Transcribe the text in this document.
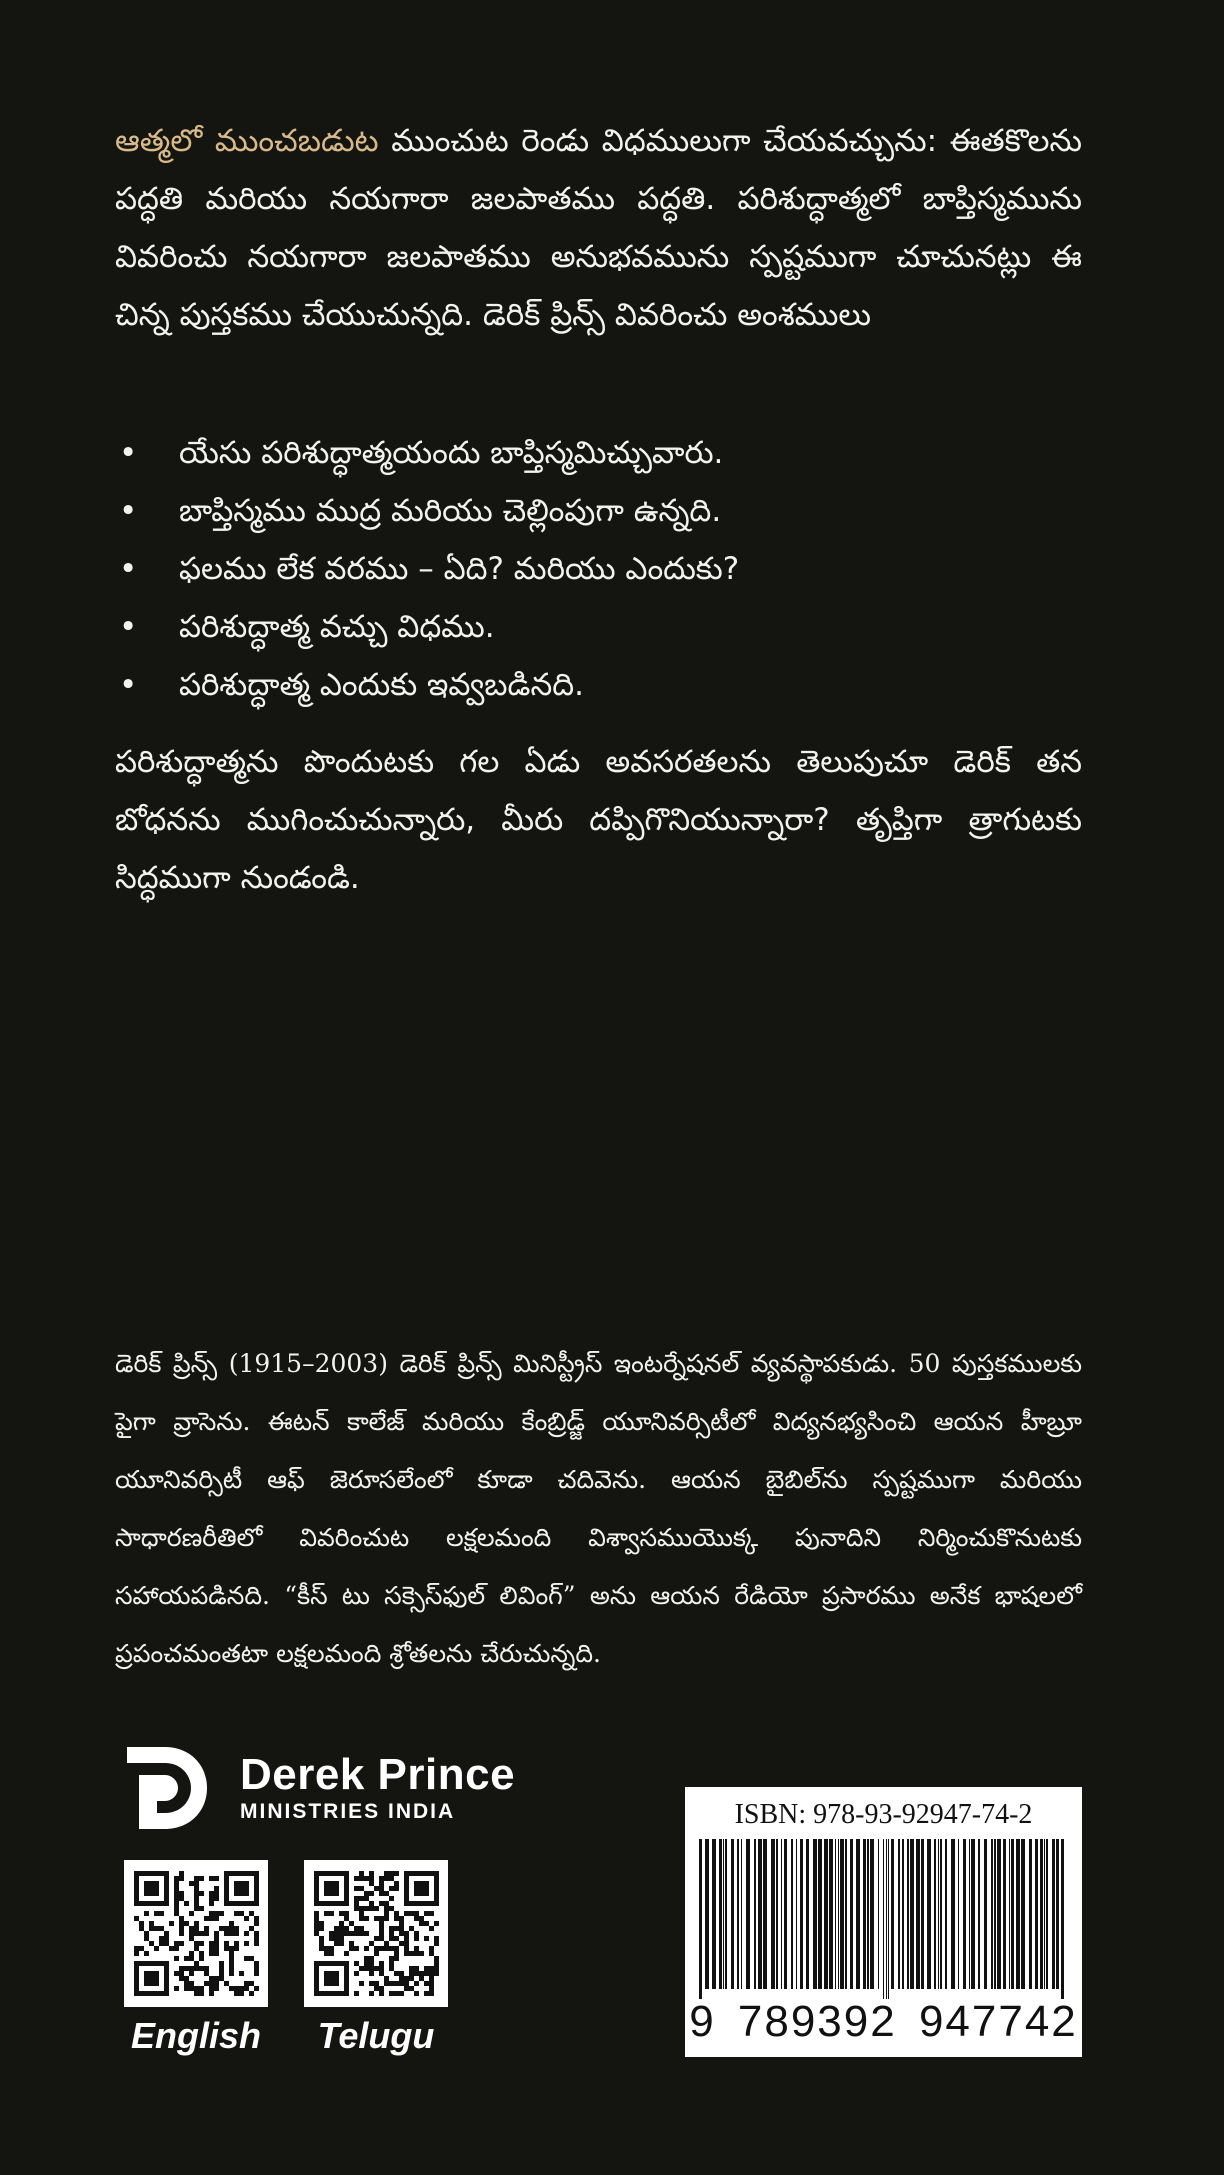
ఆత్మలో ముంచబడుట ముంచుట రెండు విధములుగా చేయవచ్చును: ఈతకొలను పద్ధతి మరియు నయగారా జలపాతము పద్ధతి. పరిశుద్ధాత్మలో బాప్తిస్మమును వివరించు నయగారా జలపాతము అనుభవమును స్పష్టముగా చూచునట్లు ఈ చిన్న పుస్తకము చేయుచున్నది. డెరిక్ ప్రిన్స్ వివరించు అంశములు

•	యేసు పరిశుద్ధాత్మయందు బాప్తిస్మమిచ్చువారు.
•	బాప్తిస్మము ముద్ర మరియు చెల్లింపుగా ఉన్నది.
•	ఫలము లేక వరము – ఏది? మరియు ఎందుకు?
•	పరిశుద్ధాత్మ వచ్చు విధము.
•	పరిశుద్ధాత్మ ఎందుకు ఇవ్వబడినది.

పరిశుద్ధాత్మను పొందుటకు గల ఏడు అవసరతలను తెలుపుచూ డెరిక్ తన బోధనను ముగించుచున్నారు, మీరు దప్పిగొనియున్నారా? తృప్తిగా త్రాగుటకు సిద్ధముగా నుండండి.

డెరిక్ ప్రిన్స్ (1915–2003) డెరిక్ ప్రిన్స్ మినిస్ట్రీస్ ఇంటర్నేషనల్ వ్యవస్థాపకుడు. 50 పుస్తకములకు పైగా వ్రాసెను. ఈటన్ కాలేజ్ మరియు కేంబ్రిడ్జ్ యూనివర్సిటీలో విద్యనభ్యసించి ఆయన హీబ్రూ యూనివర్సిటీ ఆఫ్ జెరూసలేంలో కూడా చదివెను. ఆయన బైబిల్‌ను స్పష్టముగా మరియు సాధారణరీతిలో వివరించుట లక్షలమంది విశ్వాసముయొక్క పునాదిని నిర్మించుకొనుటకు సహాయపడినది. “కీస్ టు సక్సెస్‌ఫుల్ లివింగ్” అను ఆయన రేడియో ప్రసారము అనేక భాషలలో ప్రపంచమంతటా లక్షలమంది శ్రోతలను చేరుచున్నది.

Derek Prince
MINISTRIES INDIA
English	Telugu
ISBN: 978-93-92947-74-2
9 789392 947742
